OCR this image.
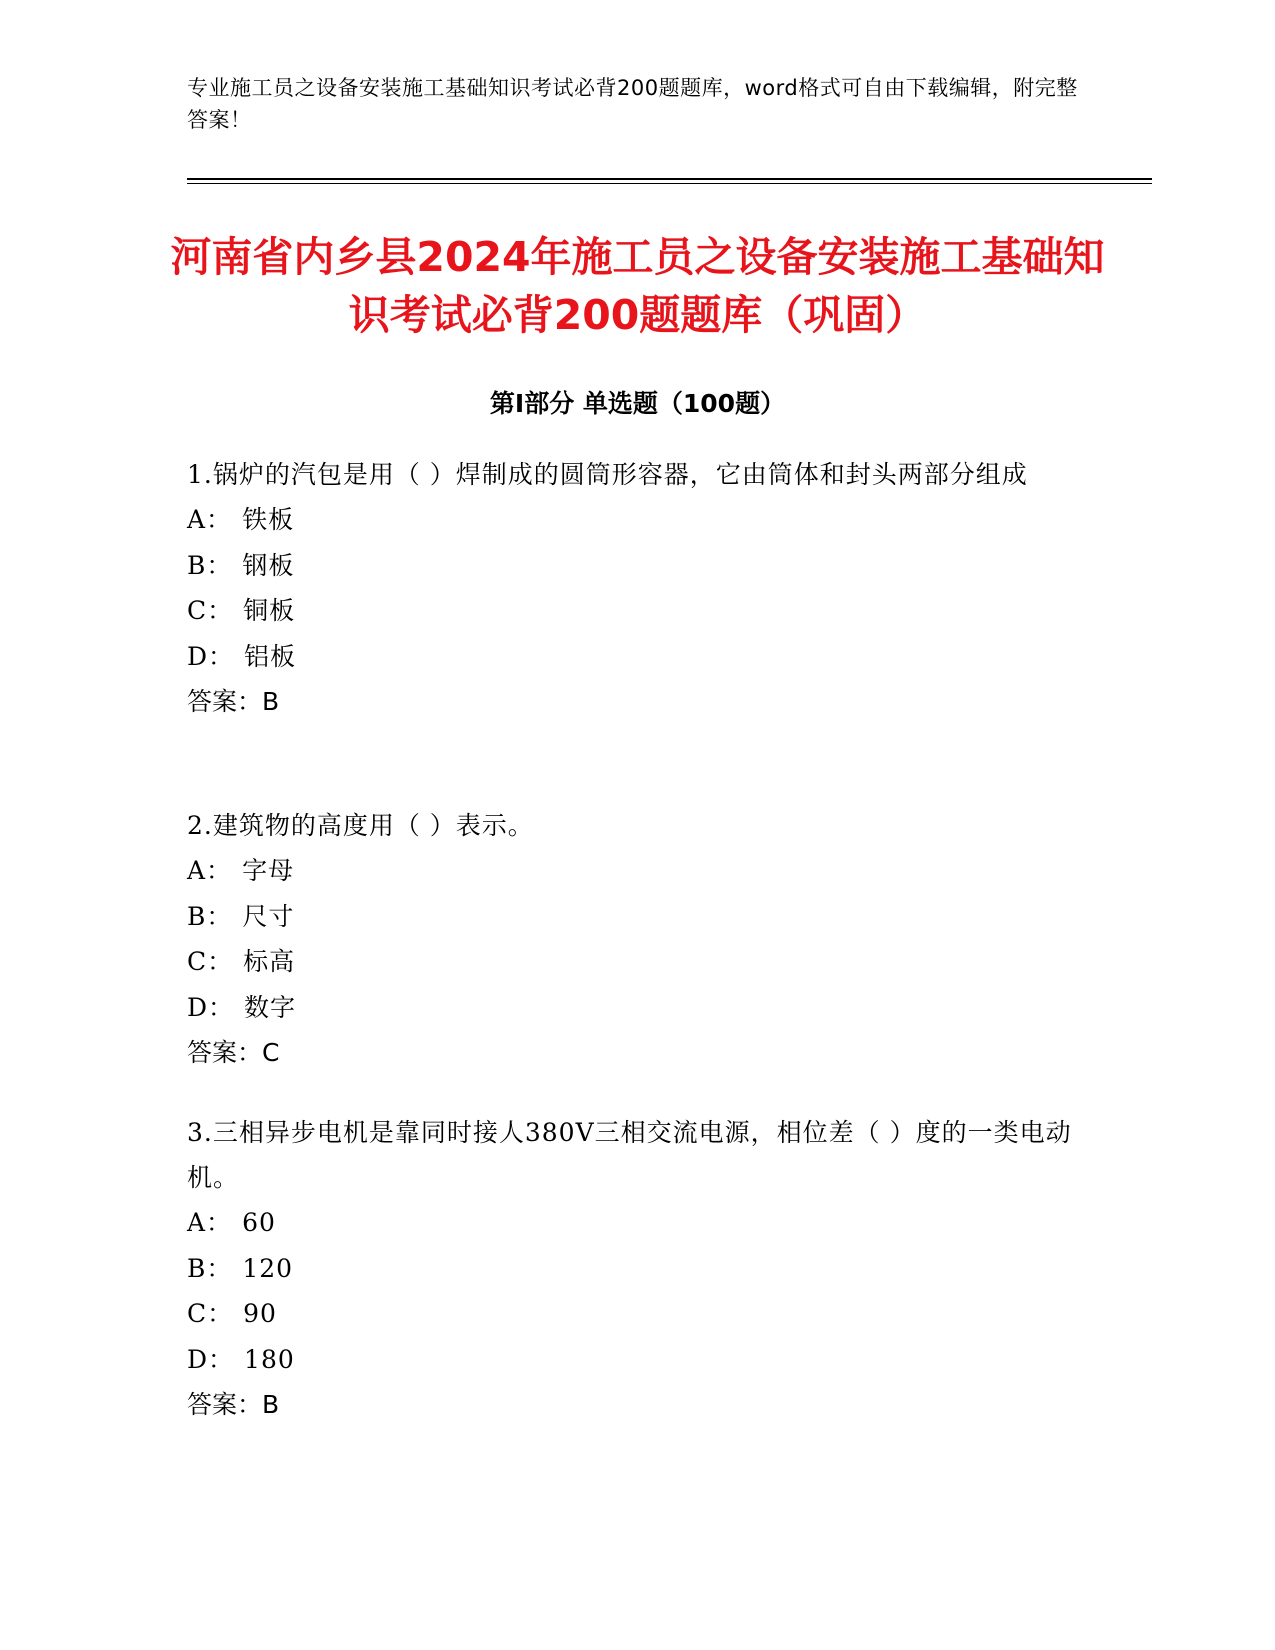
专业施工员之设备安装施工基础知识考试必背200题题库，word格式可自由下载编辑，附完整答案！
河南省内乡县2024年施工员之设备安装施工基础知识考试必背200题题库（巩固）
第Ⅰ部分 单选题（100题）

1.锅炉的汽包是用（ ）焊制成的圆筒形容器，它由筒体和封头两部分组成

A： 铁板

B： 钢板

C： 铜板

D： 铝板

答案：B

2.建筑物的高度用（ ）表示。

A： 字母

B： 尺寸

C： 标高

D： 数字

答案：C

3.三相异步电机是靠同时接人380V三相交流电源，相位差（ ）度的一类电动机。

A： 60

B： 120

C： 90

D： 180

答案：B
